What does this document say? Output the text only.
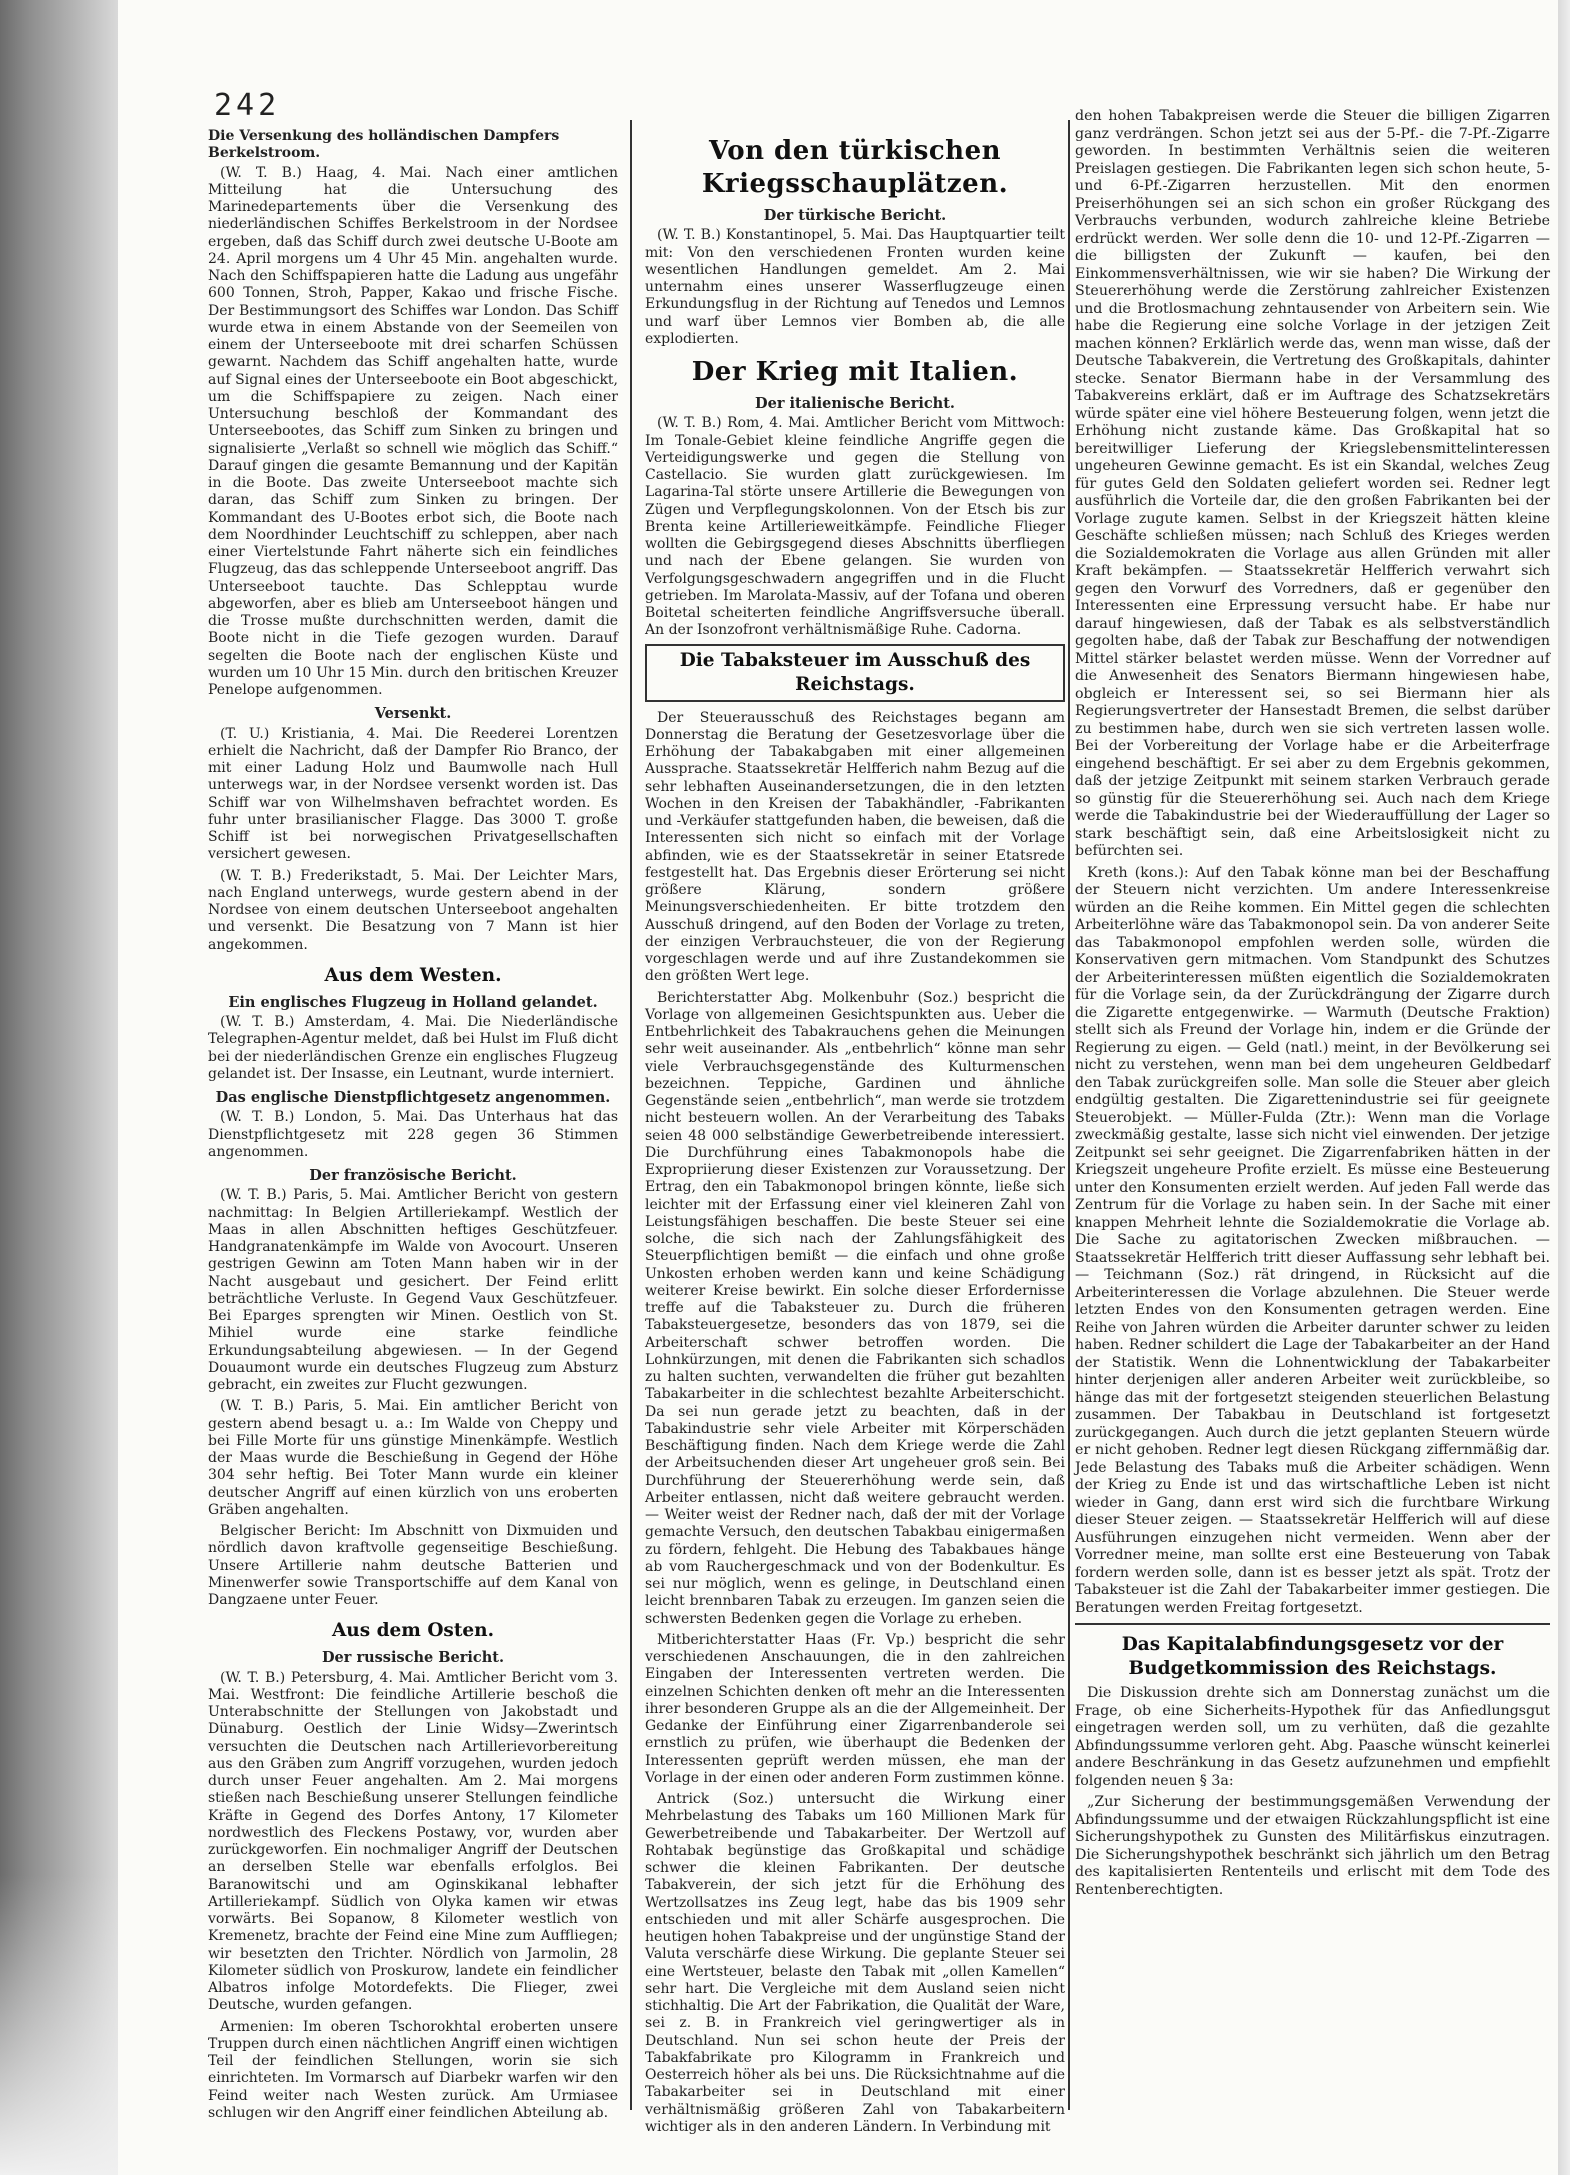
242

Die Versenkung des holländischen Dampfers Berkelstroom.

(W. T. B.) Haag, 4. Mai. Nach einer amtlichen Mitteilung hat die Untersuchung des Marinedepartements über die Versenkung des niederländischen Schiffes Berkelstroom in der Nordsee ergeben, daß das Schiff durch zwei deutsche U-Boote am 24. April morgens um 4 Uhr 45 Min. angehalten wurde. Nach den Schiffspapieren hatte die Ladung aus ungefähr 600 Tonnen, Stroh, Papper, Kakao und frische Fische. Der Bestimmungsort des Schiffes war London. Das Schiff wurde etwa in einem Abstande von der Seemeilen von einem der Unterseeboote mit drei scharfen Schüssen gewarnt. Nachdem das Schiff angehalten hatte, wurde auf Signal eines der Unterseeboote ein Boot abgeschickt, um die Schiffspapiere zu zeigen. Nach einer Untersuchung beschloß der Kommandant des Unterseebootes, das Schiff zum Sinken zu bringen und signalisierte „Verlaßt so schnell wie möglich das Schiff.“ Darauf gingen die gesamte Bemannung und der Kapitän in die Boote. Das zweite Unterseeboot machte sich daran, das Schiff zum Sinken zu bringen. Der Kommandant des U-Bootes erbot sich, die Boote nach dem Noordhinder Leuchtschiff zu schleppen, aber nach einer Viertelstunde Fahrt näherte sich ein feindliches Flugzeug, das das schleppende Unterseeboot angriff. Das Unterseeboot tauchte. Das Schlepptau wurde abgeworfen, aber es blieb am Unterseeboot hängen und die Trosse mußte durchschnitten werden, damit die Boote nicht in die Tiefe gezogen wurden. Darauf segelten die Boote nach der englischen Küste und wurden um 10 Uhr 15 Min. durch den britischen Kreuzer Penelope aufgenommen.

Versenkt.

(T. U.) Kristiania, 4. Mai. Die Reederei Lorentzen erhielt die Nachricht, daß der Dampfer Rio Branco, der mit einer Ladung Holz und Baumwolle nach Hull unterwegs war, in der Nordsee versenkt worden ist. Das Schiff war von Wilhelmshaven befrachtet worden. Es fuhr unter brasilianischer Flagge. Das 3000 T. große Schiff ist bei norwegischen Privatgesellschaften versichert gewesen.

(W. T. B.) Frederikstadt, 5. Mai. Der Leichter Mars, nach England unterwegs, wurde gestern abend in der Nordsee von einem deutschen Unterseeboot angehalten und versenkt. Die Besatzung von 7 Mann ist hier angekommen.

Aus dem Westen.

Ein englisches Flugzeug in Holland gelandet.

(W. T. B.) Amsterdam, 4. Mai. Die Niederländische Telegraphen-Agentur meldet, daß bei Hulst im Fluß dicht bei der niederländischen Grenze ein englisches Flugzeug gelandet ist. Der Insasse, ein Leutnant, wurde interniert.

Das englische Dienstpflichtgesetz angenommen.

(W. T. B.) London, 5. Mai. Das Unterhaus hat das Dienstpflichtgesetz mit 228 gegen 36 Stimmen angenommen.

Der französische Bericht.

(W. T. B.) Paris, 5. Mai. Amtlicher Bericht von gestern nachmittag: In Belgien Artilleriekampf. Westlich der Maas in allen Abschnitten heftiges Geschützfeuer. Handgranatenkämpfe im Walde von Avocourt. Unseren gestrigen Gewinn am Toten Mann haben wir in der Nacht ausgebaut und gesichert. Der Feind erlitt beträchtliche Verluste. In Gegend Vaux Geschützfeuer. Bei Eparges sprengten wir Minen. Oestlich von St. Mihiel wurde eine starke feindliche Erkundungsabteilung abgewiesen. — In der Gegend Douaumont wurde ein deutsches Flugzeug zum Absturz gebracht, ein zweites zur Flucht gezwungen.

(W. T. B.) Paris, 5. Mai. Ein amtlicher Bericht von gestern abend besagt u. a.: Im Walde von Cheppy und bei Fille Morte für uns günstige Minenkämpfe. Westlich der Maas wurde die Beschießung in Gegend der Höhe 304 sehr heftig. Bei Toter Mann wurde ein kleiner deutscher Angriff auf einen kürzlich von uns eroberten Gräben angehalten.

Belgischer Bericht: Im Abschnitt von Dixmuiden und nördlich davon kraftvolle gegenseitige Beschießung. Unsere Artillerie nahm deutsche Batterien und Minenwerfer sowie Transportschiffe auf dem Kanal von Dangzaene unter Feuer.

Aus dem Osten.

Der russische Bericht.

(W. T. B.) Petersburg, 4. Mai. Amtlicher Bericht vom 3. Mai. Westfront: Die feindliche Artillerie beschoß die Unterabschnitte der Stellungen von Jakobstadt und Dünaburg. Oestlich der Linie Widsy—Zwerintsch versuchten die Deutschen nach Artillerievorbereitung aus den Gräben zum Angriff vorzugehen, wurden jedoch durch unser Feuer angehalten. Am 2. Mai morgens stießen nach Beschießung unserer Stellungen feindliche Kräfte in Gegend des Dorfes Antony, 17 Kilometer nordwestlich des Fleckens Postawy, vor, wurden aber zurückgeworfen. Ein nochmaliger Angriff der Deutschen an derselben Stelle war ebenfalls erfolglos. Bei Baranowitschi und am Oginskikanal lebhafter Artilleriekampf. Südlich von Olyka kamen wir etwas vorwärts. Bei Sopanow, 8 Kilometer westlich von Kremenetz, brachte der Feind eine Mine zum Auffliegen; wir besetzten den Trichter. Nördlich von Jarmolin, 28 Kilometer südlich von Proskurow, landete ein feindlicher Albatros infolge Motordefekts. Die Flieger, zwei Deutsche, wurden gefangen.

Armenien: Im oberen Tschorokhtal eroberten unsere Truppen durch einen nächtlichen Angriff einen wichtigen Teil der feindlichen Stellungen, worin sie sich einrichteten. Im Vormarsch auf Diarbekr warfen wir den Feind weiter nach Westen zurück. Am Urmiasee schlugen wir den Angriff einer feindlichen Abteilung ab.

Von den türkischen Kriegsschauplätzen.

Der türkische Bericht.

(W. T. B.) Konstantinopel, 5. Mai. Das Hauptquartier teilt mit: Von den verschiedenen Fronten wurden keine wesentlichen Handlungen gemeldet. Am 2. Mai unternahm eines unserer Wasserflugzeuge einen Erkundungsflug in der Richtung auf Tenedos und Lemnos und warf über Lemnos vier Bomben ab, die alle explodierten.

Der Krieg mit Italien.

Der italienische Bericht.

(W. T. B.) Rom, 4. Mai. Amtlicher Bericht vom Mittwoch: Im Tonale-Gebiet kleine feindliche Angriffe gegen die Verteidigungswerke und gegen die Stellung von Castellacio. Sie wurden glatt zurückgewiesen. Im Lagarina-Tal störte unsere Artillerie die Bewegungen von Zügen und Verpflegungskolonnen. Von der Etsch bis zur Brenta keine Artillerieweitkämpfe. Feindliche Flieger wollten die Gebirgsgegend dieses Abschnitts überfliegen und nach der Ebene gelangen. Sie wurden von Verfolgungsgeschwadern angegriffen und in die Flucht getrieben. Im Marolata-Massiv, auf der Tofana und oberen Boitetal scheiterten feindliche Angriffsversuche überall. An der Isonzofront verhältnismäßige Ruhe. Cadorna.

Die Tabaksteuer im Ausschuß des Reichstags.

Der Steuerausschuß des Reichstages begann am Donnerstag die Beratung der Gesetzesvorlage über die Erhöhung der Tabakabgaben mit einer allgemeinen Aussprache. Staatssekretär Helfferich nahm Bezug auf die sehr lebhaften Auseinandersetzungen, die in den letzten Wochen in den Kreisen der Tabakhändler, -Fabrikanten und -Verkäufer stattgefunden haben, die beweisen, daß die Interessenten sich nicht so einfach mit der Vorlage abfinden, wie es der Staatssekretär in seiner Etatsrede festgestellt hat. Das Ergebnis dieser Erörterung sei nicht größere Klärung, sondern größere Meinungsverschiedenheiten. Er bitte trotzdem den Ausschuß dringend, auf den Boden der Vorlage zu treten, der einzigen Verbrauchsteuer, die von der Regierung vorgeschlagen werde und auf ihre Zustandekommen sie den größten Wert lege.

Berichterstatter Abg. Molkenbuhr (Soz.) bespricht die Vorlage von allgemeinen Gesichtspunkten aus. Ueber die Entbehrlichkeit des Tabakrauchens gehen die Meinungen sehr weit auseinander. Als „entbehrlich“ könne man sehr viele Verbrauchsgegenstände des Kulturmenschen bezeichnen. Teppiche, Gardinen und ähnliche Gegenstände seien „entbehrlich“, man werde sie trotzdem nicht besteuern wollen. An der Verarbeitung des Tabaks seien 48 000 selbständige Gewerbetreibende interessiert. Die Durchführung eines Tabakmonopols habe die Expropriierung dieser Existenzen zur Voraussetzung. Der Ertrag, den ein Tabakmonopol bringen könnte, ließe sich leichter mit der Erfassung einer viel kleineren Zahl von Leistungsfähigen beschaffen. Die beste Steuer sei eine solche, die sich nach der Zahlungsfähigkeit des Steuerpflichtigen bemißt — die einfach und ohne große Unkosten erhoben werden kann und keine Schädigung weiterer Kreise bewirkt. Ein solche dieser Erfordernisse treffe auf die Tabaksteuer zu. Durch die früheren Tabaksteuergesetze, besonders das von 1879, sei die Arbeiterschaft schwer betroffen worden. Die Lohnkürzungen, mit denen die Fabrikanten sich schadlos zu halten suchten, verwandelten die früher gut bezahlten Tabakarbeiter in die schlechtest bezahlte Arbeiterschicht. Da sei nun gerade jetzt zu beachten, daß in der Tabakindustrie sehr viele Arbeiter mit Körperschäden Beschäftigung finden. Nach dem Kriege werde die Zahl der Arbeitsuchenden dieser Art ungeheuer groß sein. Bei Durchführung der Steuererhöhung werde sein, daß Arbeiter entlassen, nicht daß weitere gebraucht werden. — Weiter weist der Redner nach, daß der mit der Vorlage gemachte Versuch, den deutschen Tabakbau einigermaßen zu fördern, fehlgeht. Die Hebung des Tabakbaues hänge ab vom Rauchergeschmack und von der Bodenkultur. Es sei nur möglich, wenn es gelinge, in Deutschland einen leicht brennbaren Tabak zu erzeugen. Im ganzen seien die schwersten Bedenken gegen die Vorlage zu erheben.

Mitberichterstatter Haas (Fr. Vp.) bespricht die sehr verschiedenen Anschauungen, die in den zahlreichen Eingaben der Interessenten vertreten werden. Die einzelnen Schichten denken oft mehr an die Interessenten ihrer besonderen Gruppe als an die der Allgemeinheit. Der Gedanke der Einführung einer Zigarrenbanderole sei ernstlich zu prüfen, wie überhaupt die Bedenken der Interessenten geprüft werden müssen, ehe man der Vorlage in der einen oder anderen Form zustimmen könne.

Antrick (Soz.) untersucht die Wirkung einer Mehrbelastung des Tabaks um 160 Millionen Mark für Gewerbetreibende und Tabakarbeiter. Der Wertzoll auf Rohtabak begünstige das Großkapital und schädige schwer die kleinen Fabrikanten. Der deutsche Tabakverein, der sich jetzt für die Erhöhung des Wertzollsatzes ins Zeug legt, habe das bis 1909 sehr entschieden und mit aller Schärfe ausgesprochen. Die heutigen hohen Tabakpreise und der ungünstige Stand der Valuta verschärfe diese Wirkung. Die geplante Steuer sei eine Wertsteuer, belaste den Tabak mit „ollen Kamellen“ sehr hart. Die Vergleiche mit dem Ausland seien nicht stichhaltig. Die Art der Fabrikation, die Qualität der Ware, sei z. B. in Frankreich viel geringwertiger als in Deutschland. Nun sei schon heute der Preis der Tabakfabrikate pro Kilogramm in Frankreich und Oesterreich höher als bei uns. Die Rücksichtnahme auf die Tabakarbeiter sei in Deutschland mit einer verhältnismäßig größeren Zahl von Tabakarbeitern wichtiger als in den anderen Ländern. In Verbindung mit

den hohen Tabakpreisen werde die Steuer die billigen Zigarren ganz verdrängen. Schon jetzt sei aus der 5-Pf.- die 7-Pf.-Zigarre geworden. In bestimmten Verhältnis seien die weiteren Preislagen gestiegen. Die Fabrikanten legen sich schon heute, 5- und 6-Pf.-Zigarren herzustellen. Mit den enormen Preiserhöhungen sei an sich schon ein großer Rückgang des Verbrauchs verbunden, wodurch zahlreiche kleine Betriebe erdrückt werden. Wer solle denn die 10- und 12-Pf.-Zigarren — die billigsten der Zukunft — kaufen, bei den Einkommensverhältnissen, wie wir sie haben? Die Wirkung der Steuererhöhung werde die Zerstörung zahlreicher Existenzen und die Brotlosmachung zehntausender von Arbeitern sein. Wie habe die Regierung eine solche Vorlage in der jetzigen Zeit machen können? Erklärlich werde das, wenn man wisse, daß der Deutsche Tabakverein, die Vertretung des Großkapitals, dahinter stecke. Senator Biermann habe in der Versammlung des Tabakvereins erklärt, daß er im Auftrage des Schatzsekretärs würde später eine viel höhere Besteuerung folgen, wenn jetzt die Erhöhung nicht zustande käme. Das Großkapital hat so bereitwilliger Lieferung der Kriegslebensmittelinteressen ungeheuren Gewinne gemacht. Es ist ein Skandal, welches Zeug für gutes Geld den Soldaten geliefert worden sei. Redner legt ausführlich die Vorteile dar, die den großen Fabrikanten bei der Vorlage zugute kamen. Selbst in der Kriegszeit hätten kleine Geschäfte schließen müssen; nach Schluß des Krieges werden die Sozialdemokraten die Vorlage aus allen Gründen mit aller Kraft bekämpfen. — Staatssekretär Helfferich verwahrt sich gegen den Vorwurf des Vorredners, daß er gegenüber den Interessenten eine Erpressung versucht habe. Er habe nur darauf hingewiesen, daß der Tabak es als selbstverständlich gegolten habe, daß der Tabak zur Beschaffung der notwendigen Mittel stärker belastet werden müsse. Wenn der Vorredner auf die Anwesenheit des Senators Biermann hingewiesen habe, obgleich er Interessent sei, so sei Biermann hier als Regierungsvertreter der Hansestadt Bremen, die selbst darüber zu bestimmen habe, durch wen sie sich vertreten lassen wolle. Bei der Vorbereitung der Vorlage habe er die Arbeiterfrage eingehend beschäftigt. Er sei aber zu dem Ergebnis gekommen, daß der jetzige Zeitpunkt mit seinem starken Verbrauch gerade so günstig für die Steuererhöhung sei. Auch nach dem Kriege werde die Tabakindustrie bei der Wiederauffüllung der Lager so stark beschäftigt sein, daß eine Arbeitslosigkeit nicht zu befürchten sei.

Kreth (kons.): Auf den Tabak könne man bei der Beschaffung der Steuern nicht verzichten. Um andere Interessenkreise würden an die Reihe kommen. Ein Mittel gegen die schlechten Arbeiterlöhne wäre das Tabakmonopol sein. Da von anderer Seite das Tabakmonopol empfohlen werden solle, würden die Konservativen gern mitmachen. Vom Standpunkt des Schutzes der Arbeiterinteressen müßten eigentlich die Sozialdemokraten für die Vorlage sein, da der Zurückdrängung der Zigarre durch die Zigarette entgegenwirke. — Warmuth (Deutsche Fraktion) stellt sich als Freund der Vorlage hin, indem er die Gründe der Regierung zu eigen. — Geld (natl.) meint, in der Bevölkerung sei nicht zu verstehen, wenn man bei dem ungeheuren Geldbedarf den Tabak zurückgreifen solle. Man solle die Steuer aber gleich endgültig gestalten. Die Zigarettenindustrie sei für geeignete Steuerobjekt. — Müller-Fulda (Ztr.): Wenn man die Vorlage zweckmäßig gestalte, lasse sich nicht viel einwenden. Der jetzige Zeitpunkt sei sehr geeignet. Die Zigarrenfabriken hätten in der Kriegszeit ungeheure Profite erzielt. Es müsse eine Besteuerung unter den Konsumenten erzielt werden. Auf jeden Fall werde das Zentrum für die Vorlage zu haben sein. In der Sache mit einer knappen Mehrheit lehnte die Sozialdemokratie die Vorlage ab. Die Sache zu agitatorischen Zwecken mißbrauchen. — Staatssekretär Helfferich tritt dieser Auffassung sehr lebhaft bei. — Teichmann (Soz.) rät dringend, in Rücksicht auf die Arbeiterinteressen die Vorlage abzulehnen. Die Steuer werde letzten Endes von den Konsumenten getragen werden. Eine Reihe von Jahren würden die Arbeiter darunter schwer zu leiden haben. Redner schildert die Lage der Tabakarbeiter an der Hand der Statistik. Wenn die Lohnentwicklung der Tabakarbeiter hinter derjenigen aller anderen Arbeiter weit zurückbleibe, so hänge das mit der fortgesetzt steigenden steuerlichen Belastung zusammen. Der Tabakbau in Deutschland ist fortgesetzt zurückgegangen. Auch durch die jetzt geplanten Steuern würde er nicht gehoben. Redner legt diesen Rückgang ziffernmäßig dar. Jede Belastung des Tabaks muß die Arbeiter schädigen. Wenn der Krieg zu Ende ist und das wirtschaftliche Leben ist nicht wieder in Gang, dann erst wird sich die furchtbare Wirkung dieser Steuer zeigen. — Staatssekretär Helfferich will auf diese Ausführungen einzugehen nicht vermeiden. Wenn aber der Vorredner meine, man sollte erst eine Besteuerung von Tabak fordern werden solle, dann ist es besser jetzt als spät. Trotz der Tabaksteuer ist die Zahl der Tabakarbeiter immer gestiegen. Die Beratungen werden Freitag fortgesetzt.

Das Kapitalabfindungsgesetz vor der Budgetkommission des Reichstags.

Die Diskussion drehte sich am Donnerstag zunächst um die Frage, ob eine Sicherheits-Hypothek für das Anfiedlungsgut eingetragen werden soll, um zu verhüten, daß die gezahlte Abfindungssumme verloren geht. Abg. Paasche wünscht keinerlei andere Beschränkung in das Gesetz aufzunehmen und empfiehlt folgenden neuen § 3a:

„Zur Sicherung der bestimmungsgemäßen Verwendung der Abfindungssumme und der etwaigen Rückzahlungspflicht ist eine Sicherungshypothek zu Gunsten des Militärfiskus einzutragen. Die Sicherungshypothek beschränkt sich jährlich um den Betrag des kapitalisierten Rententeils und erlischt mit dem Tode des Rentenberechtigten.
